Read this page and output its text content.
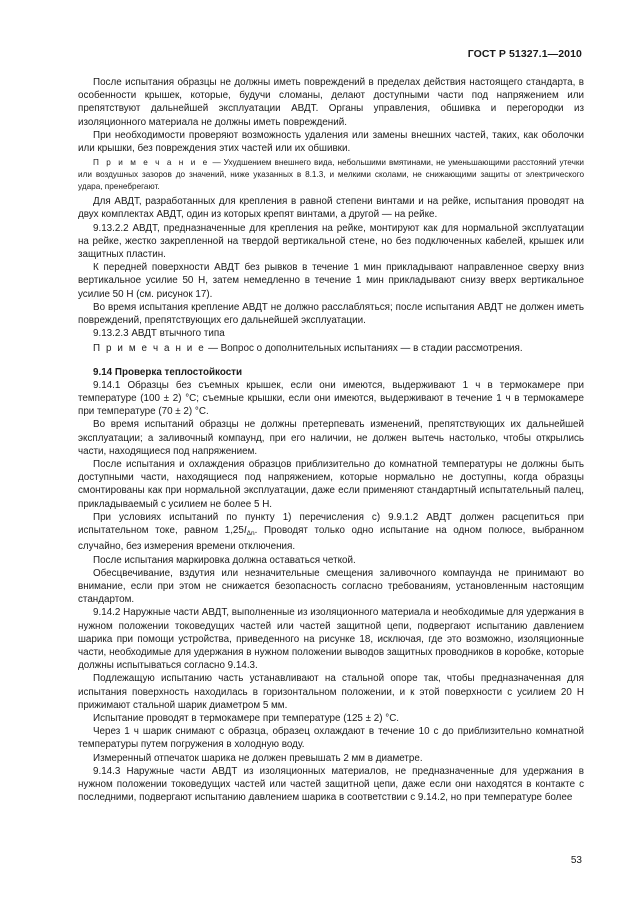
ГОСТ Р 51327.1—2010

После испытания образцы не должны иметь повреждений в пределах действия настоящего стандарта, в особенности крышек, которые, будучи сломаны, делают доступными части под напряжением или препятствуют дальнейшей эксплуатации АВДТ. Органы управления, обшивка и перегородки из изоляционного материала не должны иметь повреждений.

При необходимости проверяют возможность удаления или замены внешних частей, таких, как оболочки или крышки, без повреждения этих частей или их обшивки.

П р и м е ч а н и е — Ухудшением внешнего вида, небольшими вмятинами, не уменьшающими расстояний утечки или воздушных зазоров до значений, ниже указанных в 8.1.3, и мелкими сколами, не снижающими защиты от электрического удара, пренебрегают.

Для АВДТ, разработанных для крепления в равной степени винтами и на рейке, испытания проводят на двух комплектах АВДТ, один из которых крепят винтами, а другой — на рейке.

9.13.2.2 АВДТ, предназначенные для крепления на рейке, монтируют как для нормальной эксплуатации на рейке, жестко закрепленной на твердой вертикальной стене, но без подключенных кабелей, крышек или защитных пластин.

К передней поверхности АВДТ без рывков в течение 1 мин прикладывают направленное сверху вниз вертикальное усилие 50 Н, затем немедленно в течение 1 мин прикладывают снизу вверх вертикальное усилие 50 Н (см. рисунок 17).

Во время испытания крепление АВДТ не должно расслабляться; после испытания АВДТ не должен иметь повреждений, препятствующих его дальнейшей эксплуатации.

9.13.2.3 АВДТ втычного типа

П р и м е ч а н и е — Вопрос о дополнительных испытаниях — в стадии рассмотрения.

9.14 Проверка теплостойкости

9.14.1 Образцы без съемных крышек, если они имеются, выдерживают 1 ч в термокамере при температуре (100 ± 2) °С; съемные крышки, если они имеются, выдерживают в течение 1 ч в термокамере при температуре (70 ± 2) °С.

Во время испытаний образцы не должны претерпевать изменений, препятствующих их дальнейшей эксплуатации; а заливочный компаунд, при его наличии, не должен вытечь настолько, чтобы открылись части, находящиеся под напряжением.

После испытания и охлаждения образцов приблизительно до комнатной температуры не должны быть доступными части, находящиеся под напряжением, которые нормально не доступны, когда образцы смонтированы как при нормальной эксплуатации, даже если применяют стандартный испытательный палец, прикладываемый с усилием не более 5 Н.

При условиях испытаний по пункту 1) перечисления с) 9.9.1.2 АВДТ должен расцепиться при испытательном токе, равном $1,25I_{\Delta n}$. Проводят только одно испытание на одном полюсе, выбранном случайно, без измерения времени отключения.

После испытания маркировка должна оставаться четкой.

Обесцвечивание, вздутия или незначительные смещения заливочного компаунда не принимают во внимание, если при этом не снижается безопасность согласно требованиям, установленным настоящим стандартом.

9.14.2 Наружные части АВДТ, выполненные из изоляционного материала и необходимые для удержания в нужном положении токоведущих частей или частей защитной цепи, подвергают испытанию давлением шарика при помощи устройства, приведенного на рисунке 18, исключая, где это возможно, изоляционные части, необходимые для удержания в нужном положении выводов защитных проводников в коробке, которые должны испытываться согласно 9.14.3.

Подлежащую испытанию часть устанавливают на стальной опоре так, чтобы предназначенная для испытания поверхность находилась в горизонтальном положении, и к этой поверхности с усилием 20 Н прижимают стальной шарик диаметром 5 мм.

Испытание проводят в термокамере при температуре (125 ± 2) °С.

Через 1 ч шарик снимают с образца, образец охлаждают в течение 10 с до приблизительно комнатной температуры путем погружения в холодную воду.

Измеренный отпечаток шарика не должен превышать 2 мм в диаметре.

9.14.3 Наружные части АВДТ из изоляционных материалов, не предназначенные для удержания в нужном положении токоведущих частей или частей защитной цепи, даже если они находятся в контакте с последними, подвергают испытанию давлением шарика в соответствии с 9.14.2, но при температуре более

53
